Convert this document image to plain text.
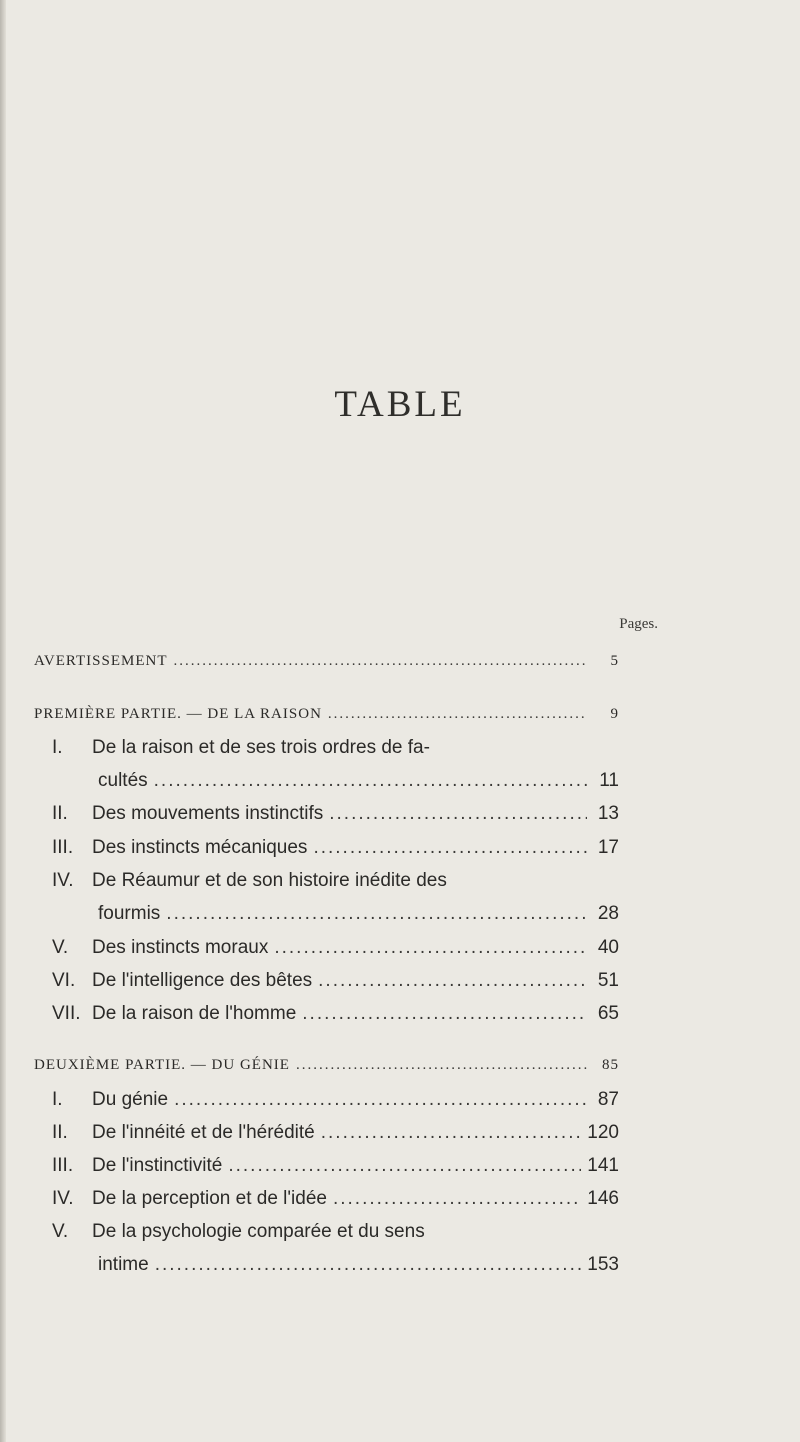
TABLE
Pages.
AVERTISSEMENT .....	5
PREMIÈRE PARTIE. — DE LA RAISON .....	9
I. De la raison et de ses trois ordres de fa-
cultés .....	11
II. Des mouvements instinctifs .....	13
III. Des instincts mécaniques .....	17
IV. De Réaumur et de son histoire inédite des
fourmis .....	28
V. Des instincts moraux .....	40
VI. De l'intelligence des bêtes .....	51
VII. De la raison de l'homme .....	65
DEUXIÈME PARTIE. — DU GÉNIE .....	85
I. Du génie .....	87
II. De l'innéité et de l'hérédité .....	120
III. De l'instinctivité .....	141
IV. De la perception et de l'idée .....	146
V. De la psychologie comparée et du sens
intime .....	153
